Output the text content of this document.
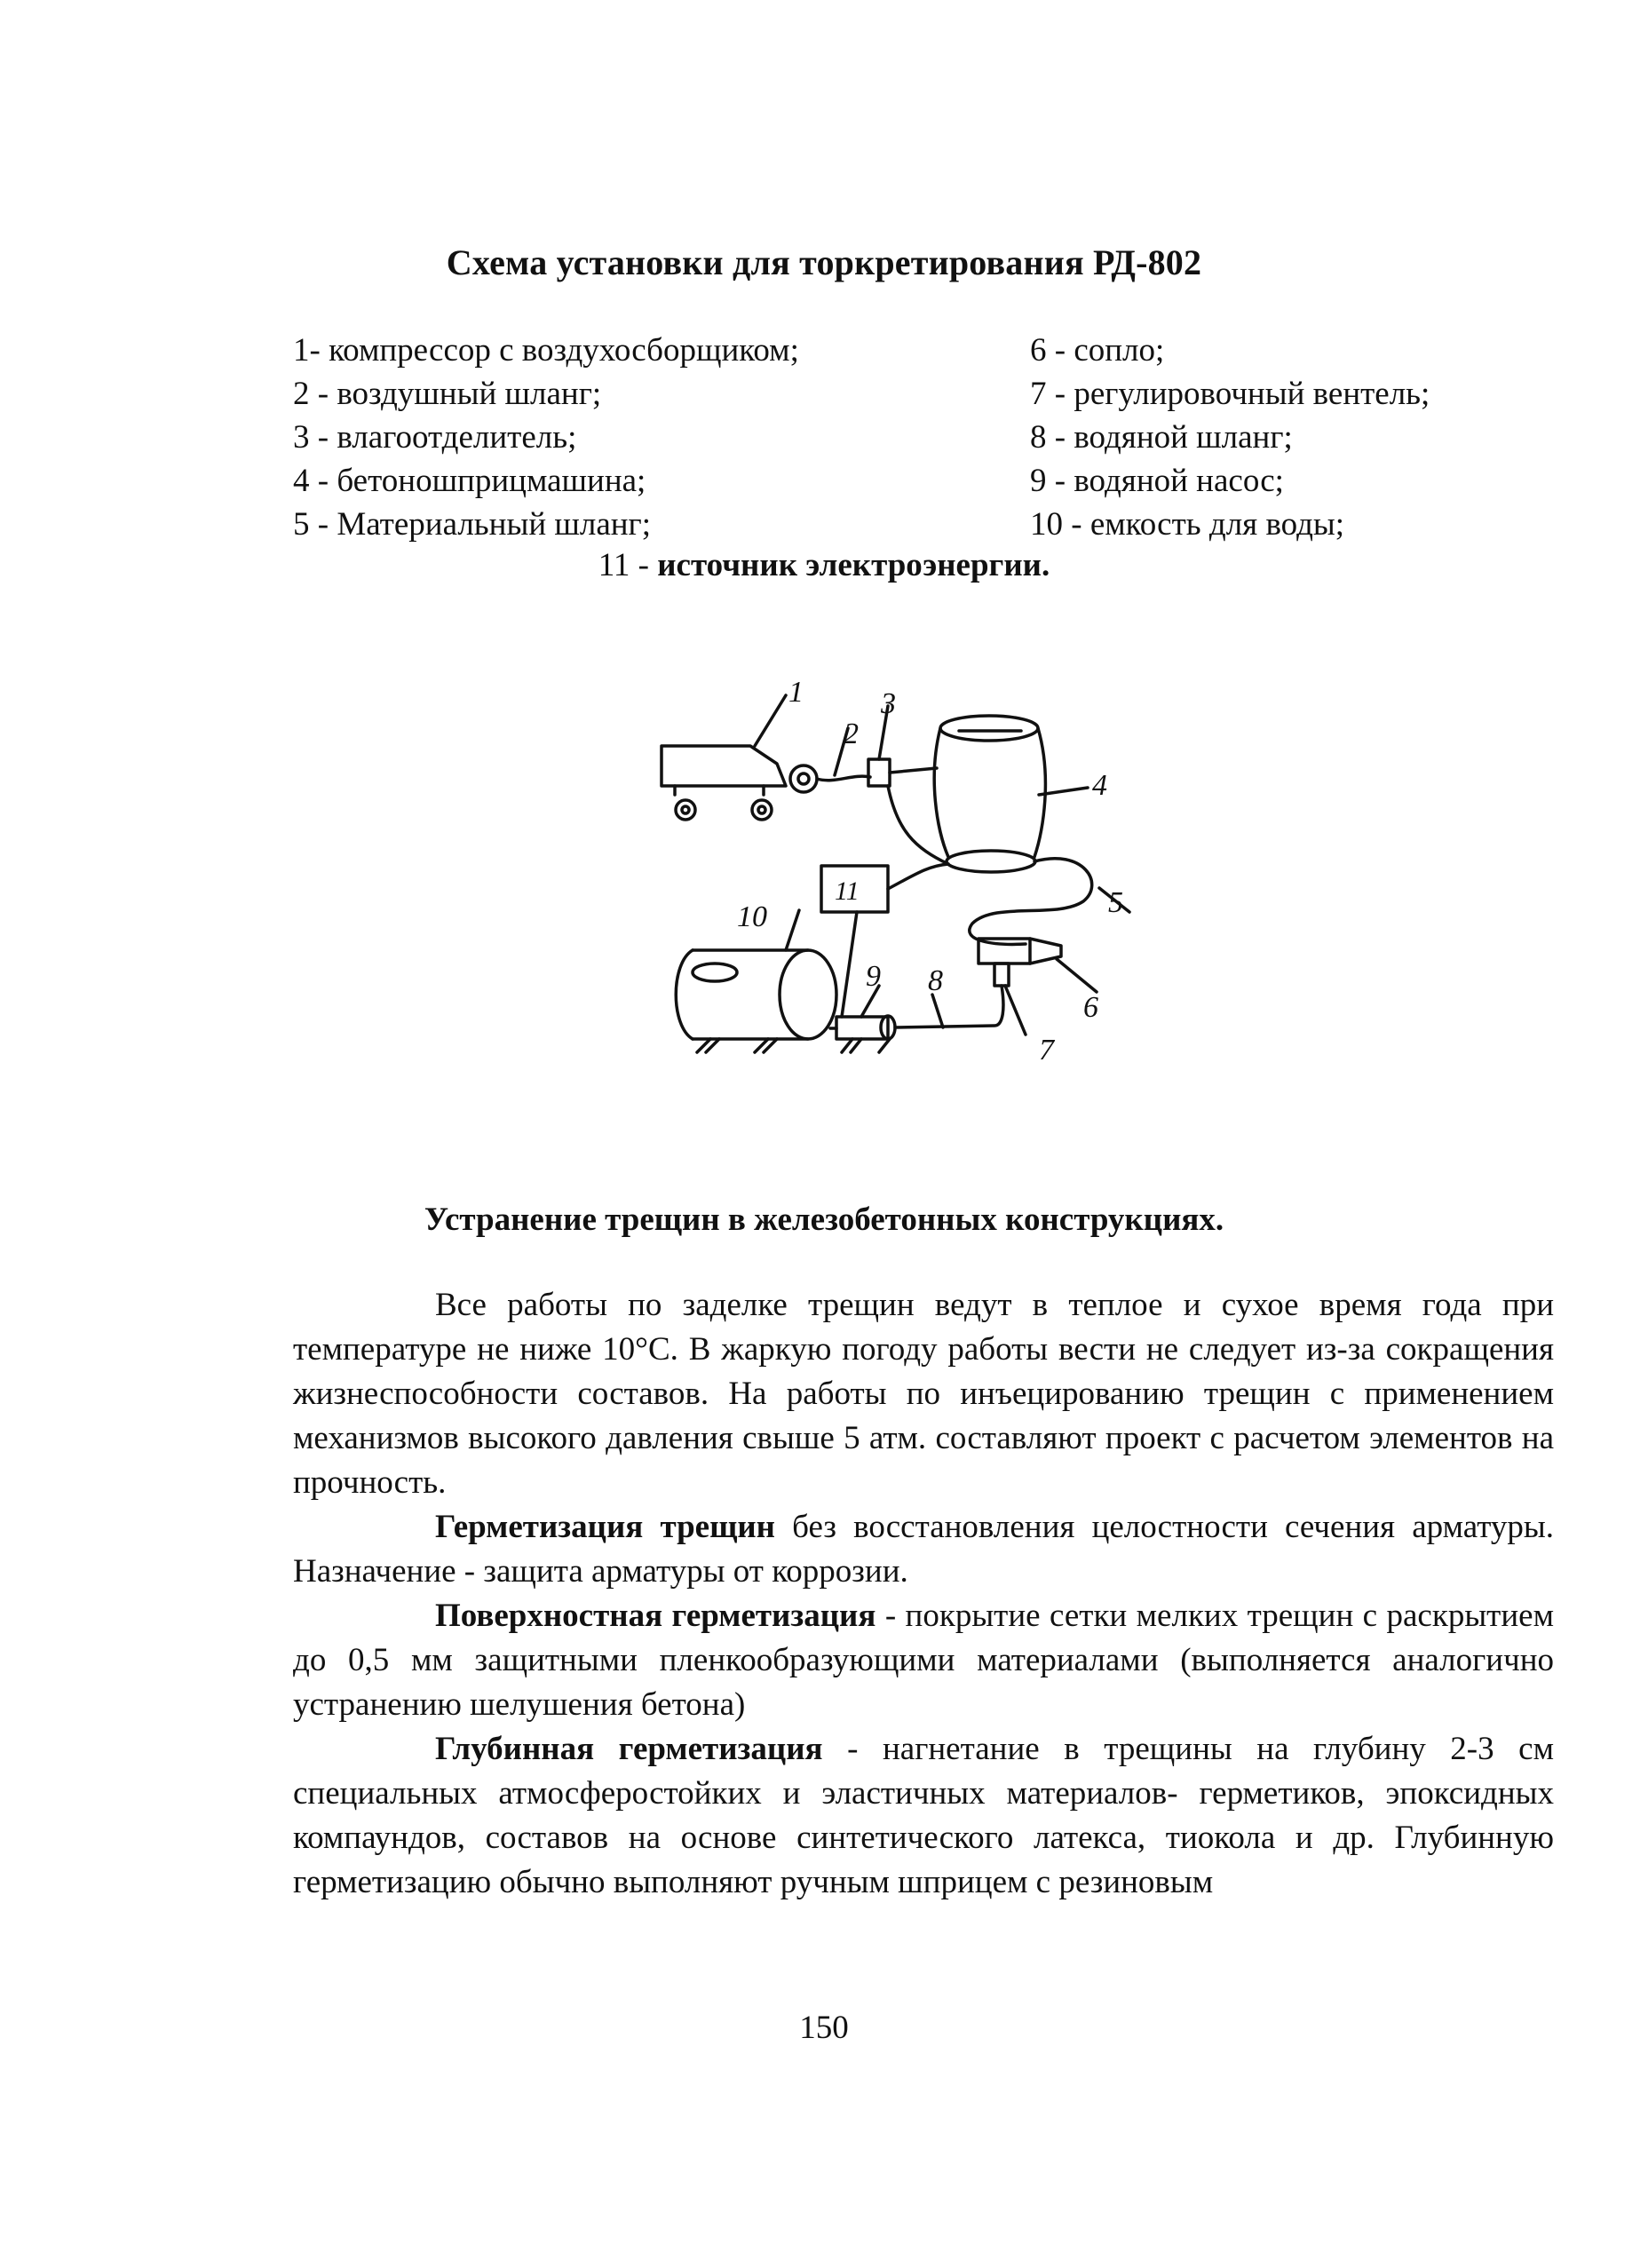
Схема установки для торкретирования РД-802
1- компрессор с воздухосборщиком;
2 - воздушный шланг;
3 - влагоотделитель;
4 - бетоношприцмашина;
5 - Материальный шланг;
6 - сопло;
7 - регулировочный вентель;
8 - водяной шланг;
9 - водяной насос;
10 - емкость для воды;
11 - источник электроэнергии.
1
2
3
4
5
6
7
8
9
10
11
Устранение трещин в железобетонных конструкциях.

Все работы по заделке трещин ведут в теплое и сухое время года при температуре не ниже 10°С. В жаркую погоду работы вести не следует из-за сокращения жизнеспособности составов. На работы по инъецированию трещин с применением механизмов высокого давления свыше 5 атм. составляют проект с расчетом элементов на прочность.

Герметизация трещин без восстановления целостности сечения арматуры. Назначение - защита арматуры от коррозии.

Поверхностная герметизация - покрытие сетки мелких трещин с раскрытием до 0,5 мм защитными пленкообразующими материалами (выполняется аналогично устранению шелушения бетона)

Глубинная герметизация - нагнетание в трещины на глубину 2-3 см специальных атмосферостойких и эластичных материалов- герметиков, эпоксидных компаундов, составов на основе синтетического латекса, тиокола и др. Глубинную герметизацию обычно выполняют ручным шприцем с резиновым

150
